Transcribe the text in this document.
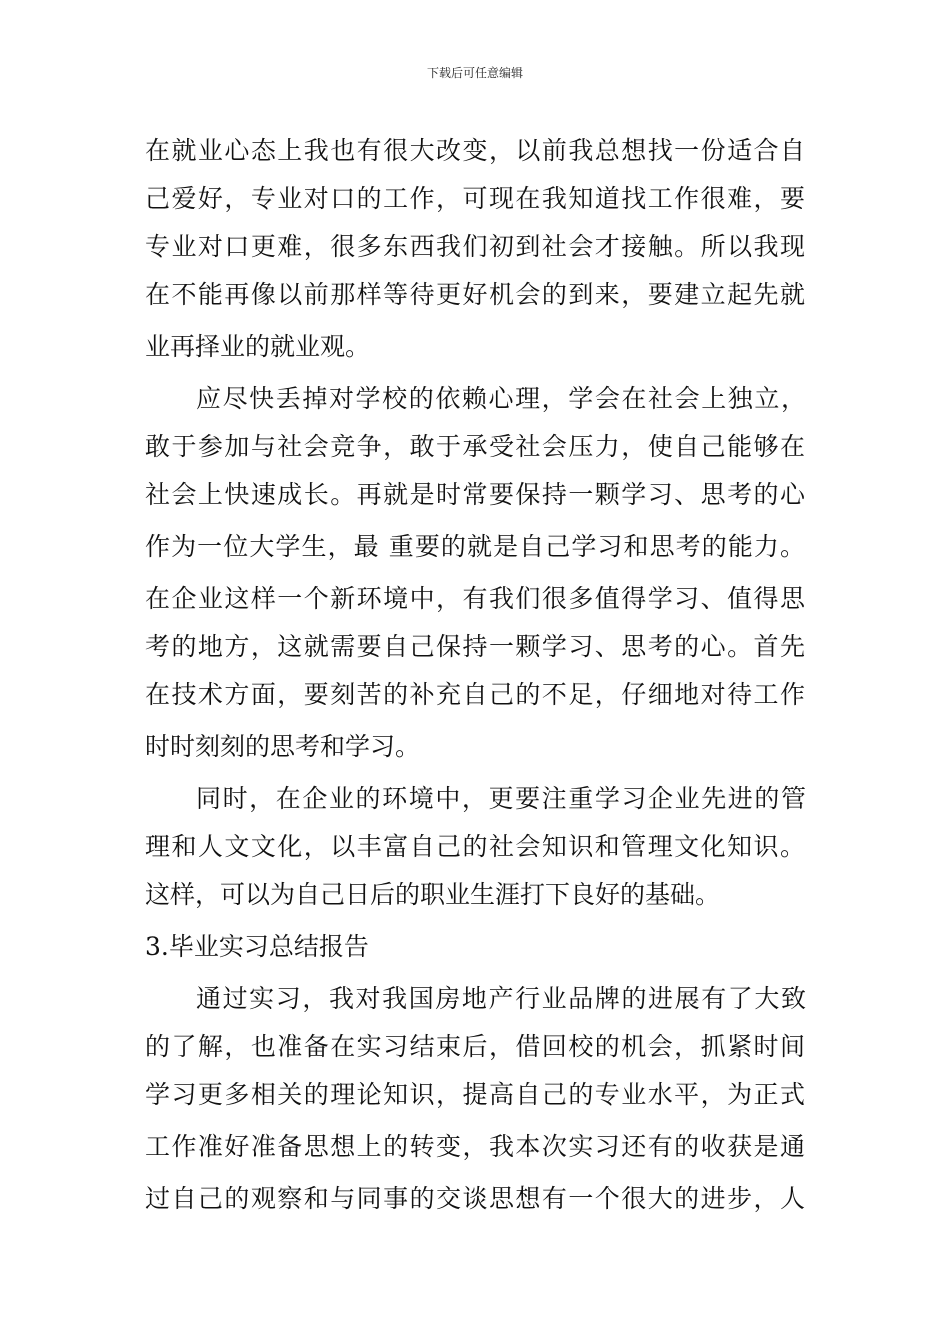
下载后可任意编辑
在就业心态上我也有很大改变，以前我总想找一份适合自
己爱好，专业对口的工作，可现在我知道找工作很难，要
专业对口更难，很多东西我们初到社会才接触。所以我现
在不能再像以前那样等待更好机会的到来，要建立起先就
业再择业的就业观。
应尽快丢掉对学校的依赖心理，学会在社会上独立，
敢于参加与社会竞争，敢于承受社会压力，使自己能够在
社会上快速成长。再就是时常要保持一颗学习、思考的心
作为一位大学生，最 重要的就是自己学习和思考的能力。
在企业这样一个新环境中，有我们很多值得学习、值得思
考的地方，这就需要自己保持一颗学习、思考的心。首先
在技术方面，要刻苦的补充自己的不足，仔细地对待工作
时时刻刻的思考和学习。
同时，在企业的环境中，更要注重学习企业先进的管
理和人文文化，以丰富自己的社会知识和管理文化知识。
这样，可以为自己日后的职业生涯打下良好的基础。
3.毕业实习总结报告
通过实习，我对我国房地产行业品牌的进展有了大致
的了解，也准备在实习结束后，借回校的机会，抓紧时间
学习更多相关的理论知识，提高自己的专业水平，为正式
工作准好准备思想上的转变，我本次实习还有的收获是通
过自己的观察和与同事的交谈思想有一个很大的进步，人
